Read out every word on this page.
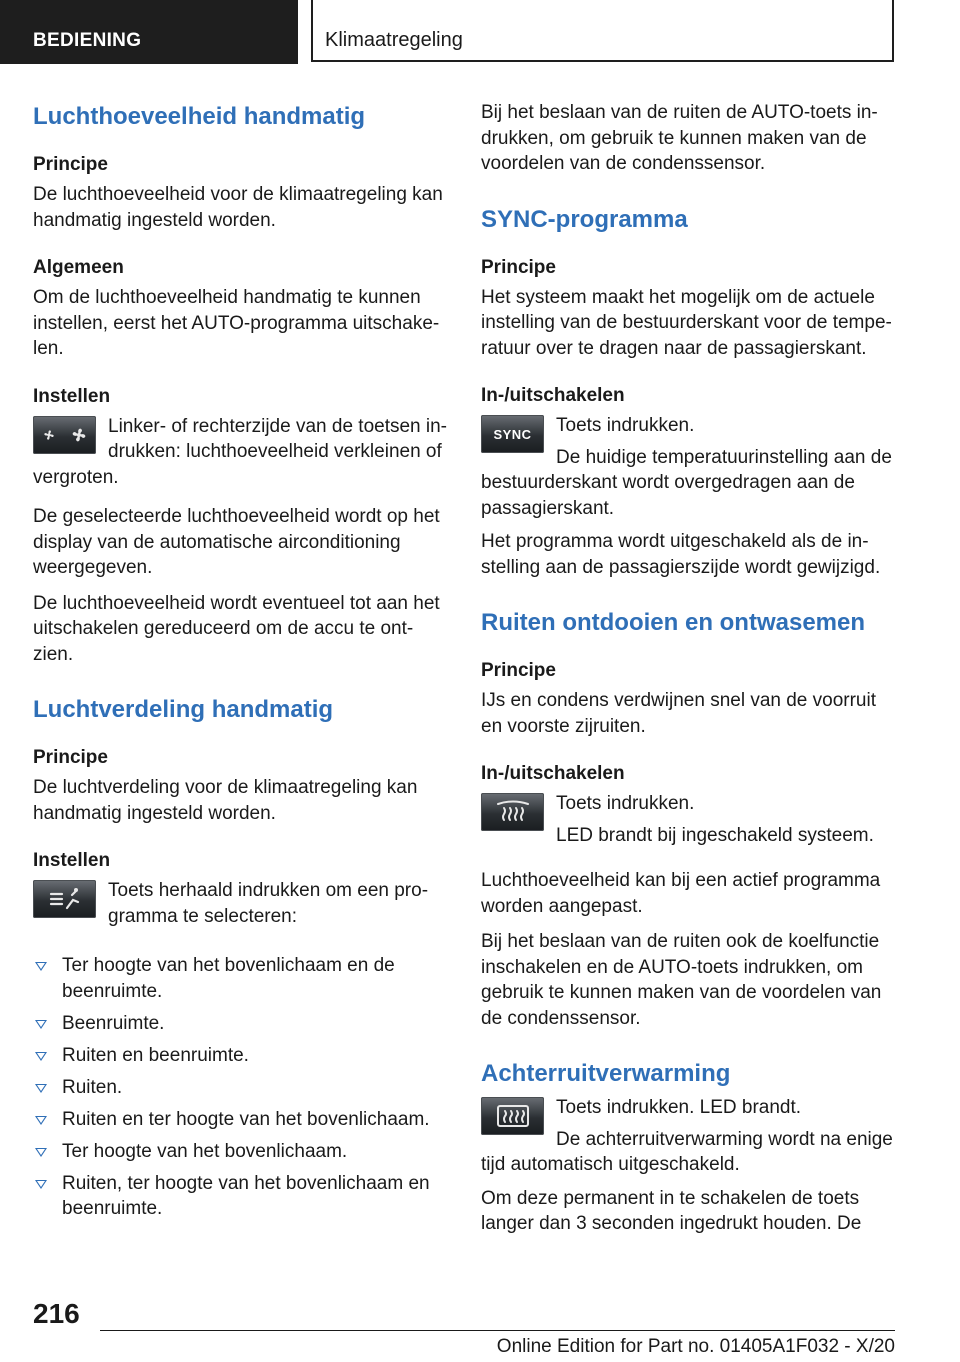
BEDIENING	Klimaatregeling
Luchthoeveelheid handmatig
Principe

De luchthoeveelheid voor de klimaatregeling kan handmatig ingesteld worden.

Algemeen

Om de luchthoeveelheid handmatig te kunnen instellen, eerst het AUTO-programma uitschake-len.

Instellen

Linker- of rechterzijde van de toetsen in-drukken: luchthoeveelheid verkleinen of vergroten.

De geselecteerde luchthoeveelheid wordt op het display van de automatische airconditioning weergegeven.

De luchthoeveelheid wordt eventueel tot aan het uitschakelen gereduceerd om de accu te ont-zien.

Luchtverdeling handmatig
Principe

De luchtverdeling voor de klimaatregeling kan handmatig ingesteld worden.

Instellen

Toets herhaald indrukken om een pro-gramma te selecteren:

Ter hoogte van het bovenlichaam en de beenruimte.
Beenruimte.
Ruiten en beenruimte.
Ruiten.
Ruiten en ter hoogte van het bovenlichaam.
Ter hoogte van het bovenlichaam.
Ruiten, ter hoogte van het bovenlichaam en beenruimte.

Bij het beslaan van de ruiten de AUTO-toets in-drukken, om gebruik te kunnen maken van de voordelen van de condenssensor.

SYNC-programma
Principe

Het systeem maakt het mogelijk om de actuele instelling van de bestuurderskant voor de tempe-ratuur over te dragen naar de passagierskant.

In-/uitschakelen
SYNC	Toets indrukken.

De huidige temperatuurinstelling aan de bestuurderskant wordt overgedragen aan de passagierskant.

Het programma wordt uitgeschakeld als de in-stelling aan de passagierszijde wordt gewijzigd.

Ruiten ontdooien en ontwasemen
Principe

IJs en condens verdwijnen snel van de voorruit en voorste zijruiten.

In-/uitschakelen

Toets indrukken.

LED brandt bij ingeschakeld systeem.

Luchthoeveelheid kan bij een actief programma worden aangepast.

Bij het beslaan van de ruiten ook de koelfunctie inschakelen en de AUTO-toets indrukken, om gebruik te kunnen maken van de voordelen van de condenssensor.

Achterruitverwarming

Toets indrukken. LED brandt.

De achterruitverwarming wordt na enige tijd automatisch uitgeschakeld.

Om deze permanent in te schakelen de toets langer dan 3 seconden ingedrukt houden. De

216
Online Edition for Part no. 01405A1F032 - X/20
